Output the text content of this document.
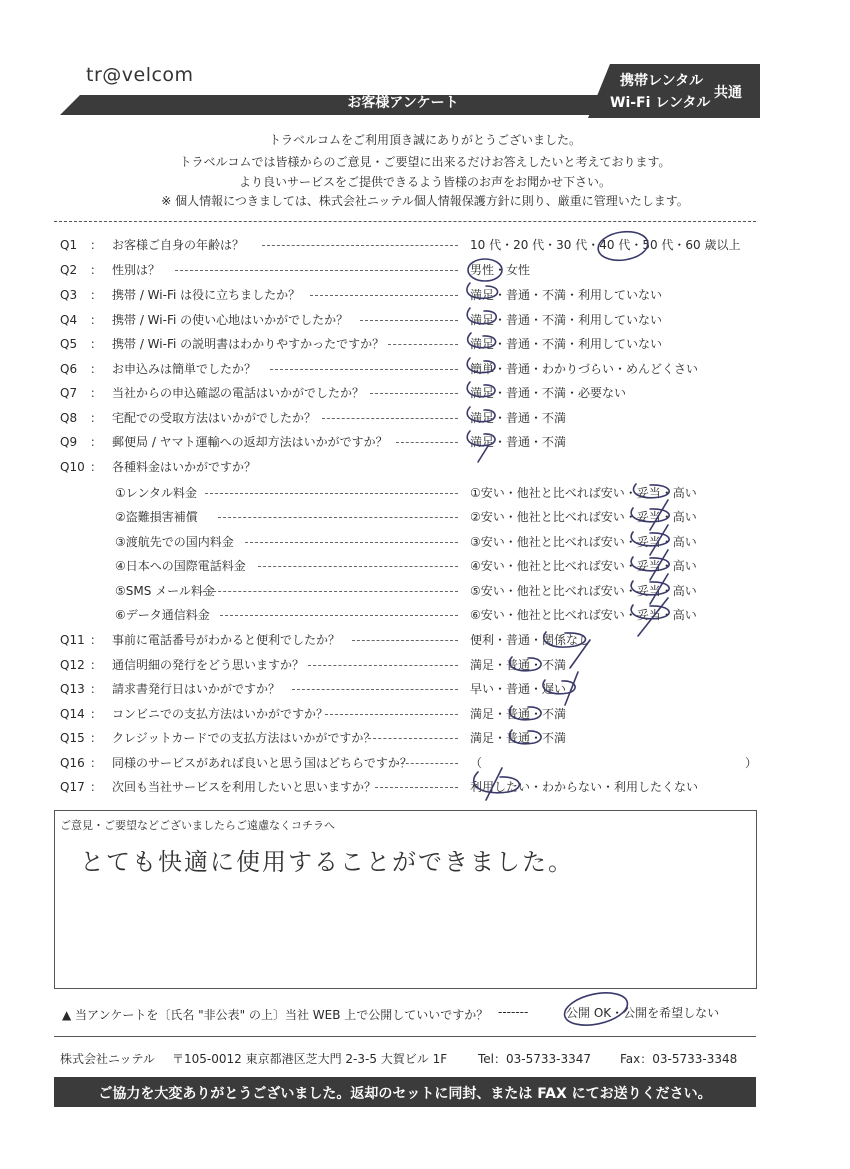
tr@velcom
お客様アンケート
携帯レンタル
Wi-Fi レンタル
共通
トラベルコムをご利用頂き誠にありがとうございました。
トラベルコムでは皆様からのご意見・ご要望に出来るだけお答えしたいと考えております。
より良いサービスをご提供できるよう皆様のお声をお聞かせ下さい。
※ 個人情報につきましては、株式会社ニッテル個人情報保護方針に則り、厳重に管理いたします。
Q1 ： お客様ご自身の年齢は？	10 代・20 代・30 代・40 代・50 代・60 歳以上
Q2 ： 性別は？	男性・女性
Q3 ： 携帯 / Wi-Fi は役に立ちましたか？	満足・普通・不満・利用していない
Q4 ： 携帯 / Wi-Fi の使い心地はいかがでしたか？	満足・普通・不満・利用していない
Q5 ： 携帯 / Wi-Fi の説明書はわかりやすかったですか？	満足・普通・不満・利用していない
Q6 ： お申込みは簡単でしたか？	簡単・普通・わかりづらい・めんどくさい
Q7 ： 当社からの申込確認の電話はいかがでしたか？	満足・普通・不満・必要ない
Q8 ： 宅配での受取方法はいかがでしたか？	満足・普通・不満
Q9 ： 郵便局 / ヤマト運輸への返却方法はいかがですか？	満足・普通・不満
Q10 ： 各種料金はいかがですか？
①レンタル料金	①安い・他社と比べれば安い・妥当・高い
②盗難損害補償	②安い・他社と比べれば安い・妥当・高い
③渡航先での国内料金	③安い・他社と比べれば安い・妥当・高い
④日本への国際電話料金	④安い・他社と比べれば安い・妥当・高い
⑤SMS メール料金	⑤安い・他社と比べれば安い・妥当・高い
⑥データ通信料金	⑥安い・他社と比べれば安い・妥当・高い
Q11 ： 事前に電話番号がわかると便利でしたか？	便利・普通・関係なし
Q12 ： 通信明細の発行をどう思いますか？	満足・普通・不満
Q13 ： 請求書発行日はいかがですか？	早い・普通・遅い
Q14 ： コンビニでの支払方法はいかがですか？	満足・普通・不満
Q15 ： クレジットカードでの支払方法はいかがですか？	満足・普通・不満
Q16 ： 同様のサービスがあれば良いと思う国はどちらですか？	（	）
Q17 ： 次回も当社サービスを利用したいと思いますか？	利用したい・わからない・利用したくない
ご意見・ご要望などございましたらご遠慮なくコチラへ
とても快適に使用することができました。
▲ 当アンケートを〔氏名 "非公表" の上〕当社 WEB 上で公開していいですか？ -------	公開 OK・公開を希望しない
株式会社ニッテル 〒105-0012 東京都港区芝大門 2-3-5 大賀ビル 1F	Tel：03-5733-3347 Fax：03-5733-3348
ご協力を大変ありがとうございました。返却のセットに同封、または FAX にてお送りください。
